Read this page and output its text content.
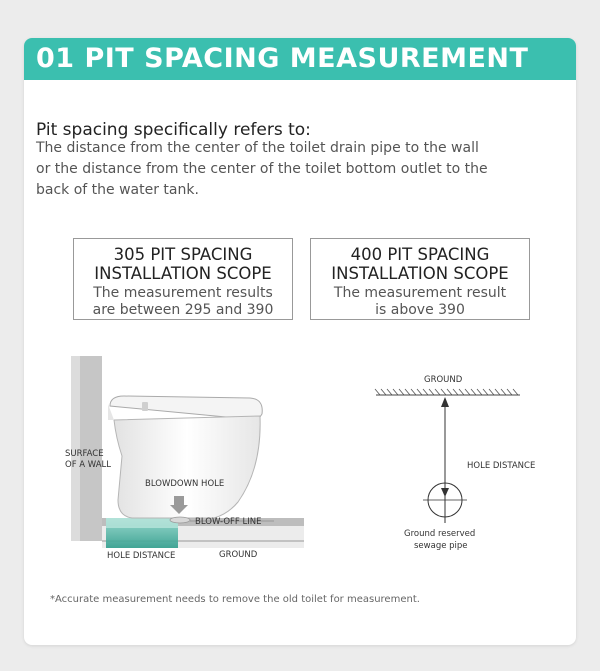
01 PIT SPACING MEASUREMENT
Pit spacing specifically refers to:
The distance from the center of the toilet drain pipe to the wall
or the distance from the center of the toilet bottom outlet to the
back of the water tank.
305 PIT SPACING
INSTALLATION SCOPE
The measurement results
are between 295 and 390
400 PIT SPACING
INSTALLATION SCOPE
The measurement result
is above 390
SURFACE
OF A WALL
BLOWDOWN HOLE
BLOW-OFF LINE
HOLE DISTANCE	GROUND
GROUND
HOLE DISTANCE
Ground reserved
sewage pipe
*Accurate measurement needs to remove the old toilet for measurement.
